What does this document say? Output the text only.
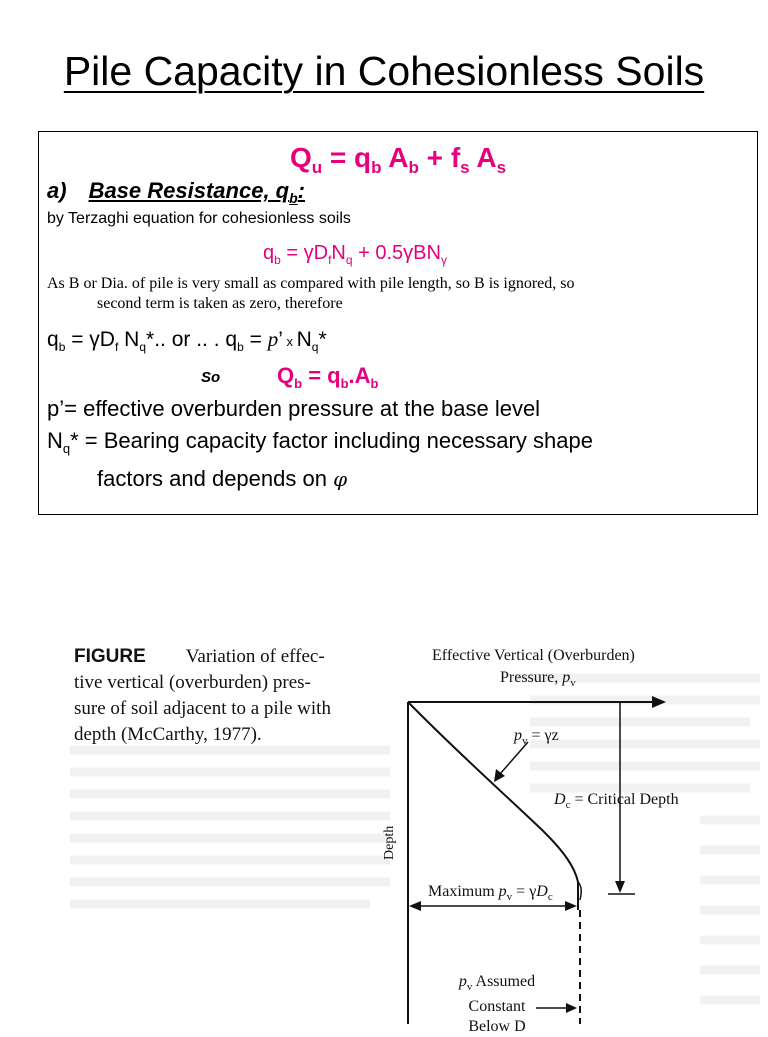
Pile Capacity in Cohesionless Soils
$Q_u = q_b$ $A_b + f_s$ $A_s$
a) Base Resistance, $q_b$:
by Terzaghi equation for cohesionless soils
$q_b = \gamma D_fN_q + 0.5\gamma BN_\gamma$
As B or Dia. of pile is very small as compared with pile length, so B is ignored, so
second term is taken as zero, therefore
$q_b = \gamma D_f$ $N_q*$.. or .. . $q_b = p$’ x $N_q*$
So	$Q_b = q_b.A_b$
p’= effective overburden pressure at the base level
$N_q*$ = Bearing capacity factor including necessary shape
factors and depends on φ
FIGURE Variation of effec-
tive vertical (overburden) pres-
sure of soil adjacent to a pile with
depth (McCarthy, 1977).
Effective Vertical (Overburden)
Pressure, $p_v$
$p_v = \gamma z$
$D_c$ = Critical Depth
Depth
Maximum $p_v = \gamma D_c$
$p_v$ Assumed
Constant
Below D
